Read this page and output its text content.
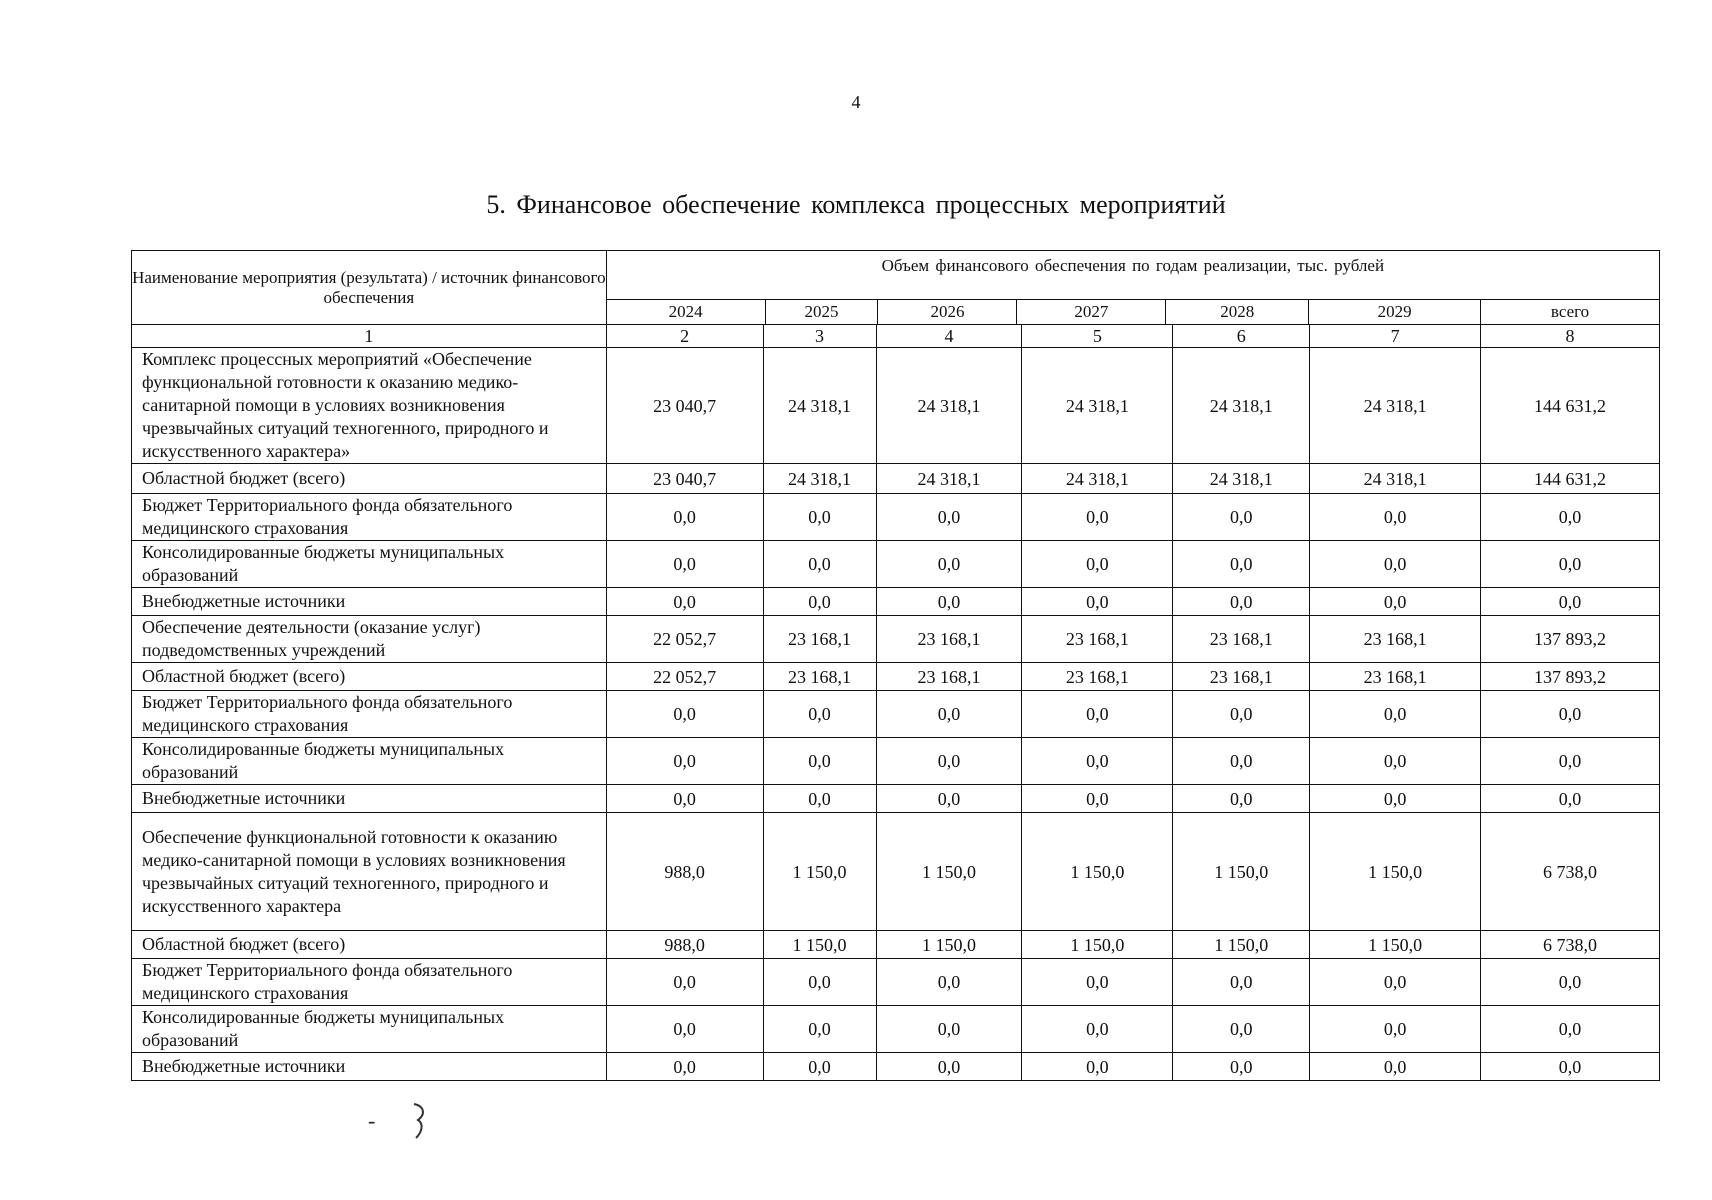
4
5. Финансовое обеспечение комплекса процессных мероприятий
Наименование мероприятия (результата) / источник финансового обеспечения	Объем финансового обеспечения по годам реализации, тыс. рублей						
	2024	2025	2026	2027	2028	2029	всего
1	2	3	4	5	6	7	8
Комплекс процессных мероприятий «Обеспечение функциональной готовности к оказанию медико-санитарной помощи в условиях возникновения чрезвычайных ситуаций техногенного, природного и искусственного характера»	23 040,7	24 318,1	24 318,1	24 318,1	24 318,1	24 318,1	144 631,2
Областной бюджет (всего)	23 040,7	24 318,1	24 318,1	24 318,1	24 318,1	24 318,1	144 631,2
Бюджет Территориального фонда обязательного медицинского страхования	0,0	0,0	0,0	0,0	0,0	0,0	0,0
Консолидированные бюджеты муниципальных образований	0,0	0,0	0,0	0,0	0,0	0,0	0,0
Внебюджетные источники	0,0	0,0	0,0	0,0	0,0	0,0	0,0
Обеспечение деятельности (оказание услуг) подведомственных учреждений	22 052,7	23 168,1	23 168,1	23 168,1	23 168,1	23 168,1	137 893,2
Областной бюджет (всего)	22 052,7	23 168,1	23 168,1	23 168,1	23 168,1	23 168,1	137 893,2
Бюджет Территориального фонда обязательного медицинского страхования	0,0	0,0	0,0	0,0	0,0	0,0	0,0
Консолидированные бюджеты муниципальных образований	0,0	0,0	0,0	0,0	0,0	0,0	0,0
Внебюджетные источники	0,0	0,0	0,0	0,0	0,0	0,0	0,0
Обеспечение функциональной готовности к оказанию медико-санитарной помощи в условиях возникновения чрезвычайных ситуаций техногенного, природного и искусственного характера	988,0	1 150,0	1 150,0	1 150,0	1 150,0	1 150,0	6 738,0
Областной бюджет (всего)	988,0	1 150,0	1 150,0	1 150,0	1 150,0	1 150,0	6 738,0
Бюджет Территориального фонда обязательного медицинского страхования	0,0	0,0	0,0	0,0	0,0	0,0	0,0
Консолидированные бюджеты муниципальных образований	0,0	0,0	0,0	0,0	0,0	0,0	0,0
Внебюджетные источники	0,0	0,0	0,0	0,0	0,0	0,0	0,0
-
